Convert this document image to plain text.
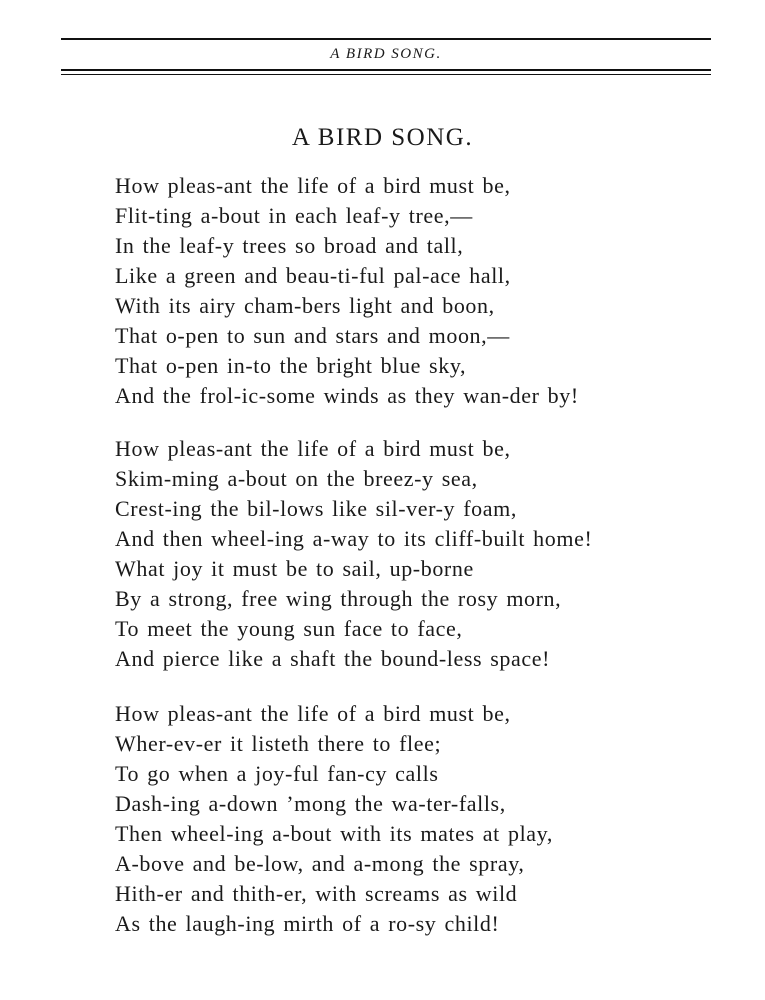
A BIRD SONG.
A BIRD SONG.
How pleas-ant the life of a bird must be,
Flit-ting a-bout in each leaf-y tree,—
In the leaf-y trees so broad and tall,
Like a green and beau-ti-ful pal-ace hall,
With its airy cham-bers light and boon,
That o-pen to sun and stars and moon,—
That o-pen in-to the bright blue sky,
And the frol-ic-some winds as they wan-der by!
How pleas-ant the life of a bird must be,
Skim-ming a-bout on the breez-y sea,
Crest-ing the bil-lows like sil-ver-y foam,
And then wheel-ing a-way to its cliff-built home!
What joy it must be to sail, up-borne
By a strong, free wing through the rosy morn,
To meet the young sun face to face,
And pierce like a shaft the bound-less space!
How pleas-ant the life of a bird must be,
Wher-ev-er it listeth there to flee;
To go when a joy-ful fan-cy calls
Dash-ing a-down ’mong the wa-ter-falls,
Then wheel-ing a-bout with its mates at play,
A-bove and be-low, and a-mong the spray,
Hith-er and thith-er, with screams as wild
As the laugh-ing mirth of a ro-sy child!
